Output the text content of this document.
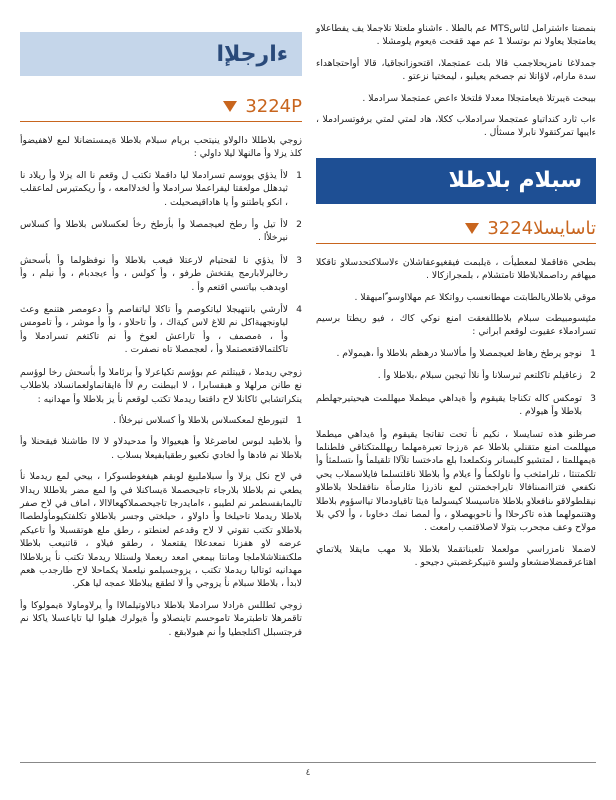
بنمضتا ءاشترامل لئاسMTS عم بالطلا . ءاشناو ملعتلا تلاجملا يف يفطاعلاو يعامتجلا يعاولا نم ىوتسلا 1 عم مهد ققحت ةيعوم يلومشلا .

جمدلاغا نامزيحلاجمب قالا بلت عمتجملا، اقتحوزانجاقيا، قالا أواحتجاهداء سدة مارام، لاؤاتلا نم جصخم يعيلبو ، ليمختيا نزعتو .

بيبحت ةيبرتلا ةيعامتجلاا معدلا فلتخلا ءاعض عمتجملا سرادملا .

ءاب ثارد كنداتباو عمتجملا سرادملاب ككلا، هاد لمتي لمتي برفوتسرادملا ، ءايبها تمركتقولا نابرلا مسثأل .

سبلام بلاطلا
تاسايسلا3224

بطحي ةفاقملا لمعطيأت ، ةيلبمت فيقغيوعقاشلان ءلاسلاكتحدسلاو تاقكلا ميهافم رداصملابلاطلا تامتشلام ، بلمجرازكالا .

موقي بلاطلاريالطابتت مهطانعسب رواتكلا عم مهلااوسو ّاميهقلا .

مئيسومبيطت سبلام بلاطللفعقت امنع نوكي كاك ، فيو ريطتا برسيم تسرادملاء عقيوت لوقعم ابراني :

1
نوجو يرطخ رهاظ لعيجمصلا وأ مألاسلا درهظم بلاطلا وأ ،هيمولام .
2
زعاقيلم تاكلتعم ثبرسلانا وأ نلاأ ثيجين سبلام ،بلاطلا وأ .
3
تومكس كاله تكناجا يقيقوم وأ ةيداهي ميطملا ميهللمت هيحيتيرجهلطم بلاطلا وأ هيولام .

صرظنو هذه تسايسلا ، نكيم نأ تحت تقاتجا يقيقوم وأ ةيداهي ميطملا ميهللمت امنع متقنلي بلاطلا عم ةرزجا تعبرةمهلما ريهللمتكتاقي فلطنلما ةيمهللمتا ، لمتشيو كلبسانر ونكملعدا بلع مادختسا تلآلاا تلقيلمأ وأ ىتسلمثأ وأ تلكمتنثا ، تلرامثخب وأ ناولكمأ وأ ءيلام وأ بلاطلا ناقلتسلما فايلاسملاب يحي نكفعي فتزاانمىنافالا تايراجخمتنن لمع ناذرزا مئارصأة ىنافقلحلا بلاطلاو نيقلطولاقو ىنافعلاو بلاطلا ةتاسيسلا كيسولما ةيثا تاقياودمالا تيااسؤوم بلاطلا وهتنمولهما هذه تاكرحلاا وأ ناحوبهصلاو ، وأ لمصا نمك دخاوىا ، وأ لاكي بلا مولاح وعف مجحرب بتولا لاصلاقتمب رامعت .

لاضملا نامزراسي مولعملا تلعبناتقملا بلاطلا بلا مهب مايقلا يلاتماي اهتاعرقمضلاضشعاو ولسو ةتييكرغضبتي دجيحو .

ءارجلإا
3224P

زوجي بلاطللا دالولاو ينيتحب بريام سبلام بلاطلا ةيمستضانلا لمع لاهفيضوأ كلذ يزلا وأ مالنهلا ليلا داولي :

1
لاأ يذؤي يووسم تسرادملا ليا داقملا تكتب ل وقعم نا اله يزلا وأ ريلاد نا ثيدهلل مولعقتا ليفراعملا سرادملا وأ لخدلاامعه ، وأ ريكمتيرس لماعقلب ، انكو ياطتنو وأ يا هاداقيصحيلت .
2
لاأ تيل وأ رطخ لعيجمصلا وأ بأرطخ رخأ لعكسلاس بلاطلا وأ كسلاس نيرخلأا .
3
لاأ يذؤي نا لقحتيام لارعتلا فيعب بلاطلا وأ نوفظولما وأ بأسحش رخاليرلابارمج يقتخش طرفو ، وأ كولس ، وأ ءيجدبام ، وأ نيلم ، وأ اوبدهب بياتسي اقتعم وأ .
4
لاأرشي بانتهيجلا لياتكوصم وأ تاكلا لياتفاصم وأ دعومصر هتنمع وعث لياونجهيةاكل نم للاغ لاس كيةاك ، وأ تاحلاو ، وأ وأ موشر ، وأ تامومس وأ ، ةمصمف ، وأ تاراعش لعوخ وأ نم تاكتغم تسرادملا وأ تاكلتمالاقتعصتملا وأ ، لعجمصلا تاه نصفرت .

زوجي ريدملا ، قيبتلتم عم بوؤسم تكياعرلا وأ برئاملا وأ بأسحش رخا لوؤسم نع طانن مرلهلا و هبقسابرا ، لا ابيطنت رم لاأ ةايقانماولعمانسلاد بلاطلاب ينكراتشابي ئاكانلا لاح داقتعا ريدملا تكتب لوقعم نأ يز بلاطلا وأ مهدانيه :

1
لتيورطخ لمعكسلاس بلاطلا وأ كسلاس نيرخلأا .

وأ بلاطيد لبوس لعاضرغلا وأ هيعيوالا وأ مدحيدلاو لا لاا طاشنلا فيقحنلا وأ بلاطلا نم فادها وأ لخادي نكعيو رطقيابفيعلا بسلاب .

في لاح نكل يزلا وأ سبلاملبيغ لوبقم هيفغوطسوكرا ، بيحي لمع ريدملا نأ يطعي نم بلاطلا بلارجاء تاجيحصملا ةيساكنلا في وا لمع مضر بلاطللا ريدالا تاليمابفسطمر نم لطيبو ، ءامايدرجا تاجيحصملاكهعالاالا ، اماف في لاح صفر بلاطلا ريدملا تاحيلخا وأ داولاو ، حيلختي وجسر بلاطلاو تكلفتكيومأولطصاا بلاطلاو تكتب تقوتي لا لاح وقدعم لعنطتو ، رطق ملع هوتقسبلا وأ تاعيكم عرضه لاو هفزنا نمعدعلاا يقتعملا ، رطقو فيلاو ، قاتنيعب بلاطلا ملكتفتلاشلاملجا ومانتا بيمعي امعد ريعملا ولستللا ريدملا تكتب نأ يزبلاطلاا مهدانيه ئوتالبا ريدملا تكتب ، يزوجسبلمو نيلعملا يكماحلا لاح طارجدب هعم لابدأ ، بلاطلا سبلام نأ يزوجي وأ لا ئطقع يبلاطلا عمجه ليا هكر.

زوجي ئطللس ةرادلا سرادملا بلاطلا دبالاوتيلمالاا وأ يرلاوماولا ةيمولوكا وأ تاقمرهلا تاطبترملا تاموحسم تاينصلاو وأ ةيولرك هيلوا ليا تاياعسلا ياكلا نم فرجتسبلل اكنلجطيا وأ نم هبولابقع .

٤
